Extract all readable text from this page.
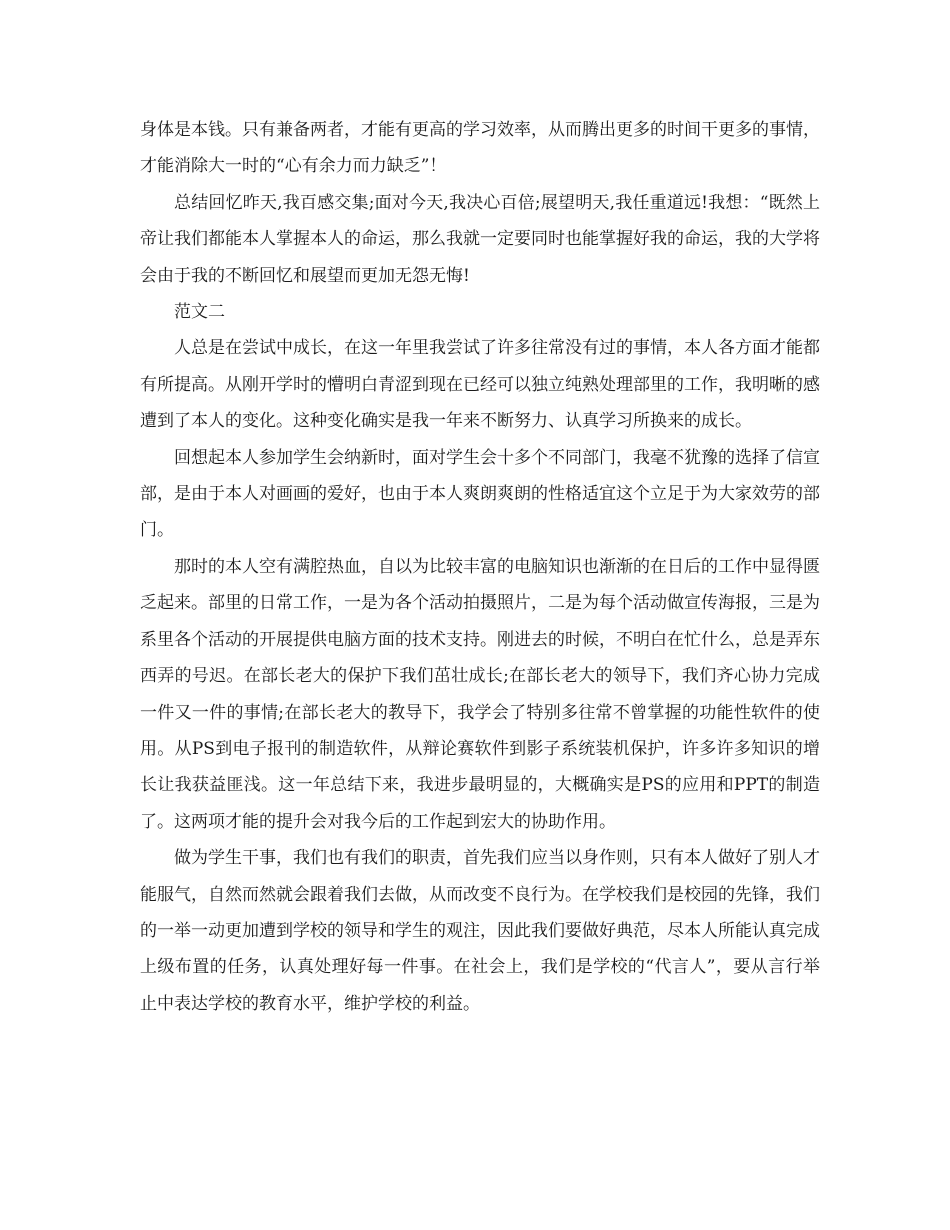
身体是本钱。只有兼备两者，才能有更高的学习效率，从而腾出更多的时间干更多的事情，才能消除大一时的“心有余力而力缺乏”！

总结回忆昨天,我百感交集;面对今天,我决心百倍;展望明天,我任重道远!我想：“既然上帝让我们都能本人掌握本人的命运，那么我就一定要同时也能掌握好我的命运，我的大学将会由于我的不断回忆和展望而更加无怨无悔!

范文二

人总是在尝试中成长，在这一年里我尝试了许多往常没有过的事情，本人各方面才能都有所提高。从刚开学时的懵明白青涩到现在已经可以独立纯熟处理部里的工作，我明晰的感遭到了本人的变化。这种变化确实是我一年来不断努力、认真学习所换来的成长。

回想起本人参加学生会纳新时，面对学生会十多个不同部门，我毫不犹豫的选择了信宣部，是由于本人对画画的爱好，也由于本人爽朗爽朗的性格适宜这个立足于为大家效劳的部门。

那时的本人空有满腔热血，自以为比较丰富的电脑知识也渐渐的在日后的工作中显得匮乏起来。部里的日常工作，一是为各个活动拍摄照片，二是为每个活动做宣传海报，三是为系里各个活动的开展提供电脑方面的技术支持。刚进去的时候，不明白在忙什么，总是弄东西弄的号迟。在部长老大的保护下我们茁壮成长;在部长老大的领导下，我们齐心协力完成一件又一件的事情;在部长老大的教导下，我学会了特别多往常不曾掌握的功能性软件的使用。从PS到电子报刊的制造软件，从辩论赛软件到影子系统装机保护，许多许多知识的增长让我获益匪浅。这一年总结下来，我进步最明显的，大概确实是PS的应用和PPT的制造了。这两项才能的提升会对我今后的工作起到宏大的协助作用。

做为学生干事，我们也有我们的职责，首先我们应当以身作则，只有本人做好了别人才能服气，自然而然就会跟着我们去做，从而改变不良行为。在学校我们是校园的先锋，我们的一举一动更加遭到学校的领导和学生的观注，因此我们要做好典范，尽本人所能认真完成上级布置的任务，认真处理好每一件事。在社会上，我们是学校的“代言人”，要从言行举止中表达学校的教育水平，维护学校的利益。
